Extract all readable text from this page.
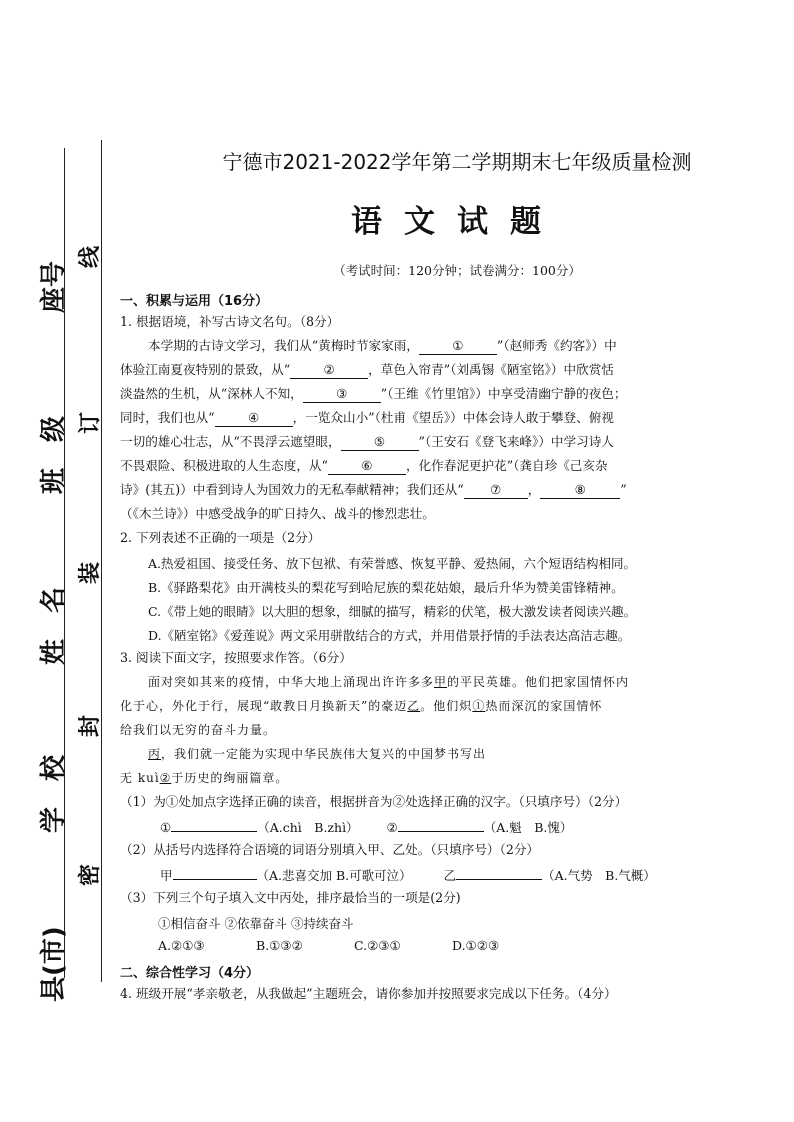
座号
班　级
姓　名
学　校
县(市)
线
订
装
封
密
宁德市2021-2022学年第二学期期末七年级质量检测
语文试题
（考试时间：120分钟；试卷满分：100分）
一、积累与运用（16分）
1. 根据语境，补写古诗文名句。（8分）
本学期的古诗文学习，我们从“黄梅时节家家雨，	①	”（赵师秀《约客》）中
体验江南夏夜特别的景致，从“	②	，草色入帘青”（刘禹锡《陋室铭》）中欣赏恬
淡盎然的生机，从“深林人不知，	③	”（王维《竹里馆》）中享受清幽宁静的夜色；
同时，我们也从“	④	，一览众山小”（杜甫《望岳》）中体会诗人敢于攀登、俯视
一切的雄心壮志，从“不畏浮云遮望眼，	⑤	”（王安石《登飞来峰》）中学习诗人
不畏艰险、积极进取的人生态度，从“	⑥	，化作春泥更护花”（龚自珍《己亥杂
诗》(其五)）中看到诗人为国效力的无私奉献精神；我们还从“ ⑦ ，	⑧	”
（《木兰诗》）中感受战争的旷日持久、战斗的惨烈悲壮。
2. 下列表述不正确的一项是（2分）
A.热爱祖国、接受任务、放下包袱、有荣誉感、恢复平静、爱热闹，六个短语结构相同。
B.《驿路梨花》由开满枝头的梨花写到哈尼族的梨花姑娘，最后升华为赞美雷锋精神。
C.《带上她的眼睛》以大胆的想象，细腻的描写，精彩的伏笔，极大激发读者阅读兴趣。
D.《陋室铭》《爱莲说》两文采用骈散结合的方式，并用借景抒情的手法表达高洁志趣。
3. 阅读下面文字，按照要求作答。（6分）
面对突如其来的疫情，中华大地上涌现出许许多多甲的平民英雄。他们把家国情怀内
化于心，外化于行，展现“敢教日月换新天”的豪迈乙。他们炽①热而深沉的家国情怀
给我们以无穷的奋斗力量。
丙，我们就一定能为实现中华民族伟大复兴的中国梦书写出
无 kuì②于历史的绚丽篇章。
（1）为①处加点字选择正确的读音，根据拼音为②处选择正确的汉字。（只填序号）（2分）
①	（A.chì　B.zhì） ②	（A.魁　B.愧）
（2）从括号内选择符合语境的词语分别填入甲、乙处。（只填序号）（2分）
甲	（A.悲喜交加 B.可歌可泣）	乙	（A.气势　B.气概）
（3）下列三个句子填入文中丙处，排序最恰当的一项是(2分)
①相信奋斗 ②依靠奋斗 ③持续奋斗
A.②①③	B.①③②	C.②③①	D.①②③
二、综合性学习（4分）
4. 班级开展“孝亲敬老，从我做起”主题班会，请你参加并按照要求完成以下任务。（4分）
